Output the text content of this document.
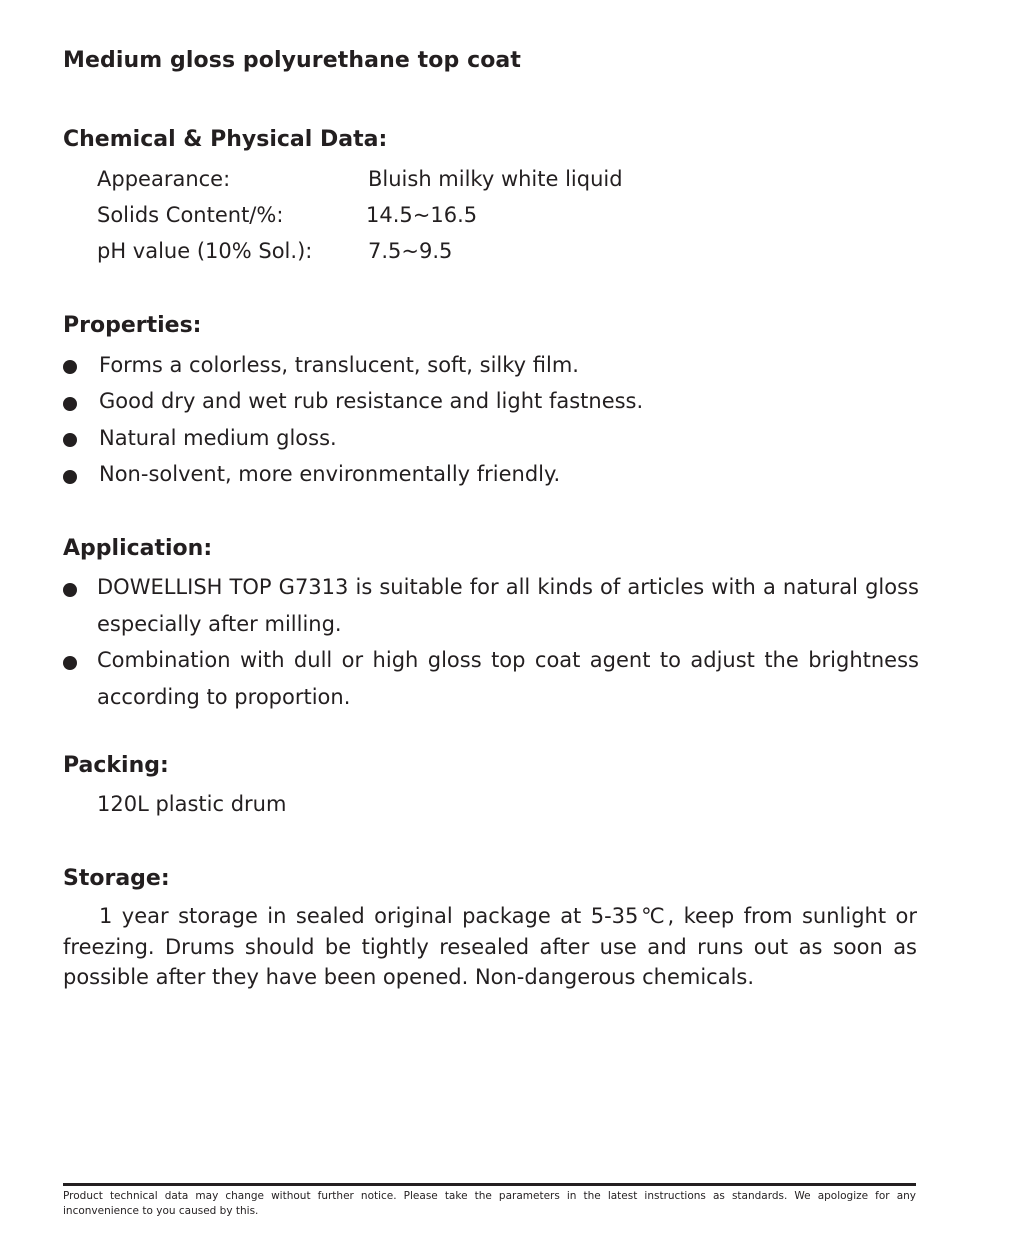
Medium gloss polyurethane top coat
Chemical & Physical Data:
Appearance:	Bluish milky white liquid
Solids Content/%:	14.5~16.5
pH value (10% Sol.):	7.5~9.5
Properties:
Forms a colorless, translucent, soft, silky film.
Good dry and wet rub resistance and light fastness.
Natural medium gloss.
Non-solvent, more environmentally friendly.
Application:
DOWELLISH TOP G7313 is suitable for all kinds of articles with a natural gloss especially after milling.
Combination with dull or high gloss top coat agent to adjust the brightness according to proportion.
Packing:
120L plastic drum
Storage:
1 year storage in sealed original package at 5-35℃, keep from sunlight or freezing. Drums should be tightly resealed after use and runs out as soon as possible after they have been opened. Non-dangerous chemicals.
Product technical data may change without further notice. Please take the parameters in the latest instructions as standards. We apologize for any inconvenience to you caused by this.
